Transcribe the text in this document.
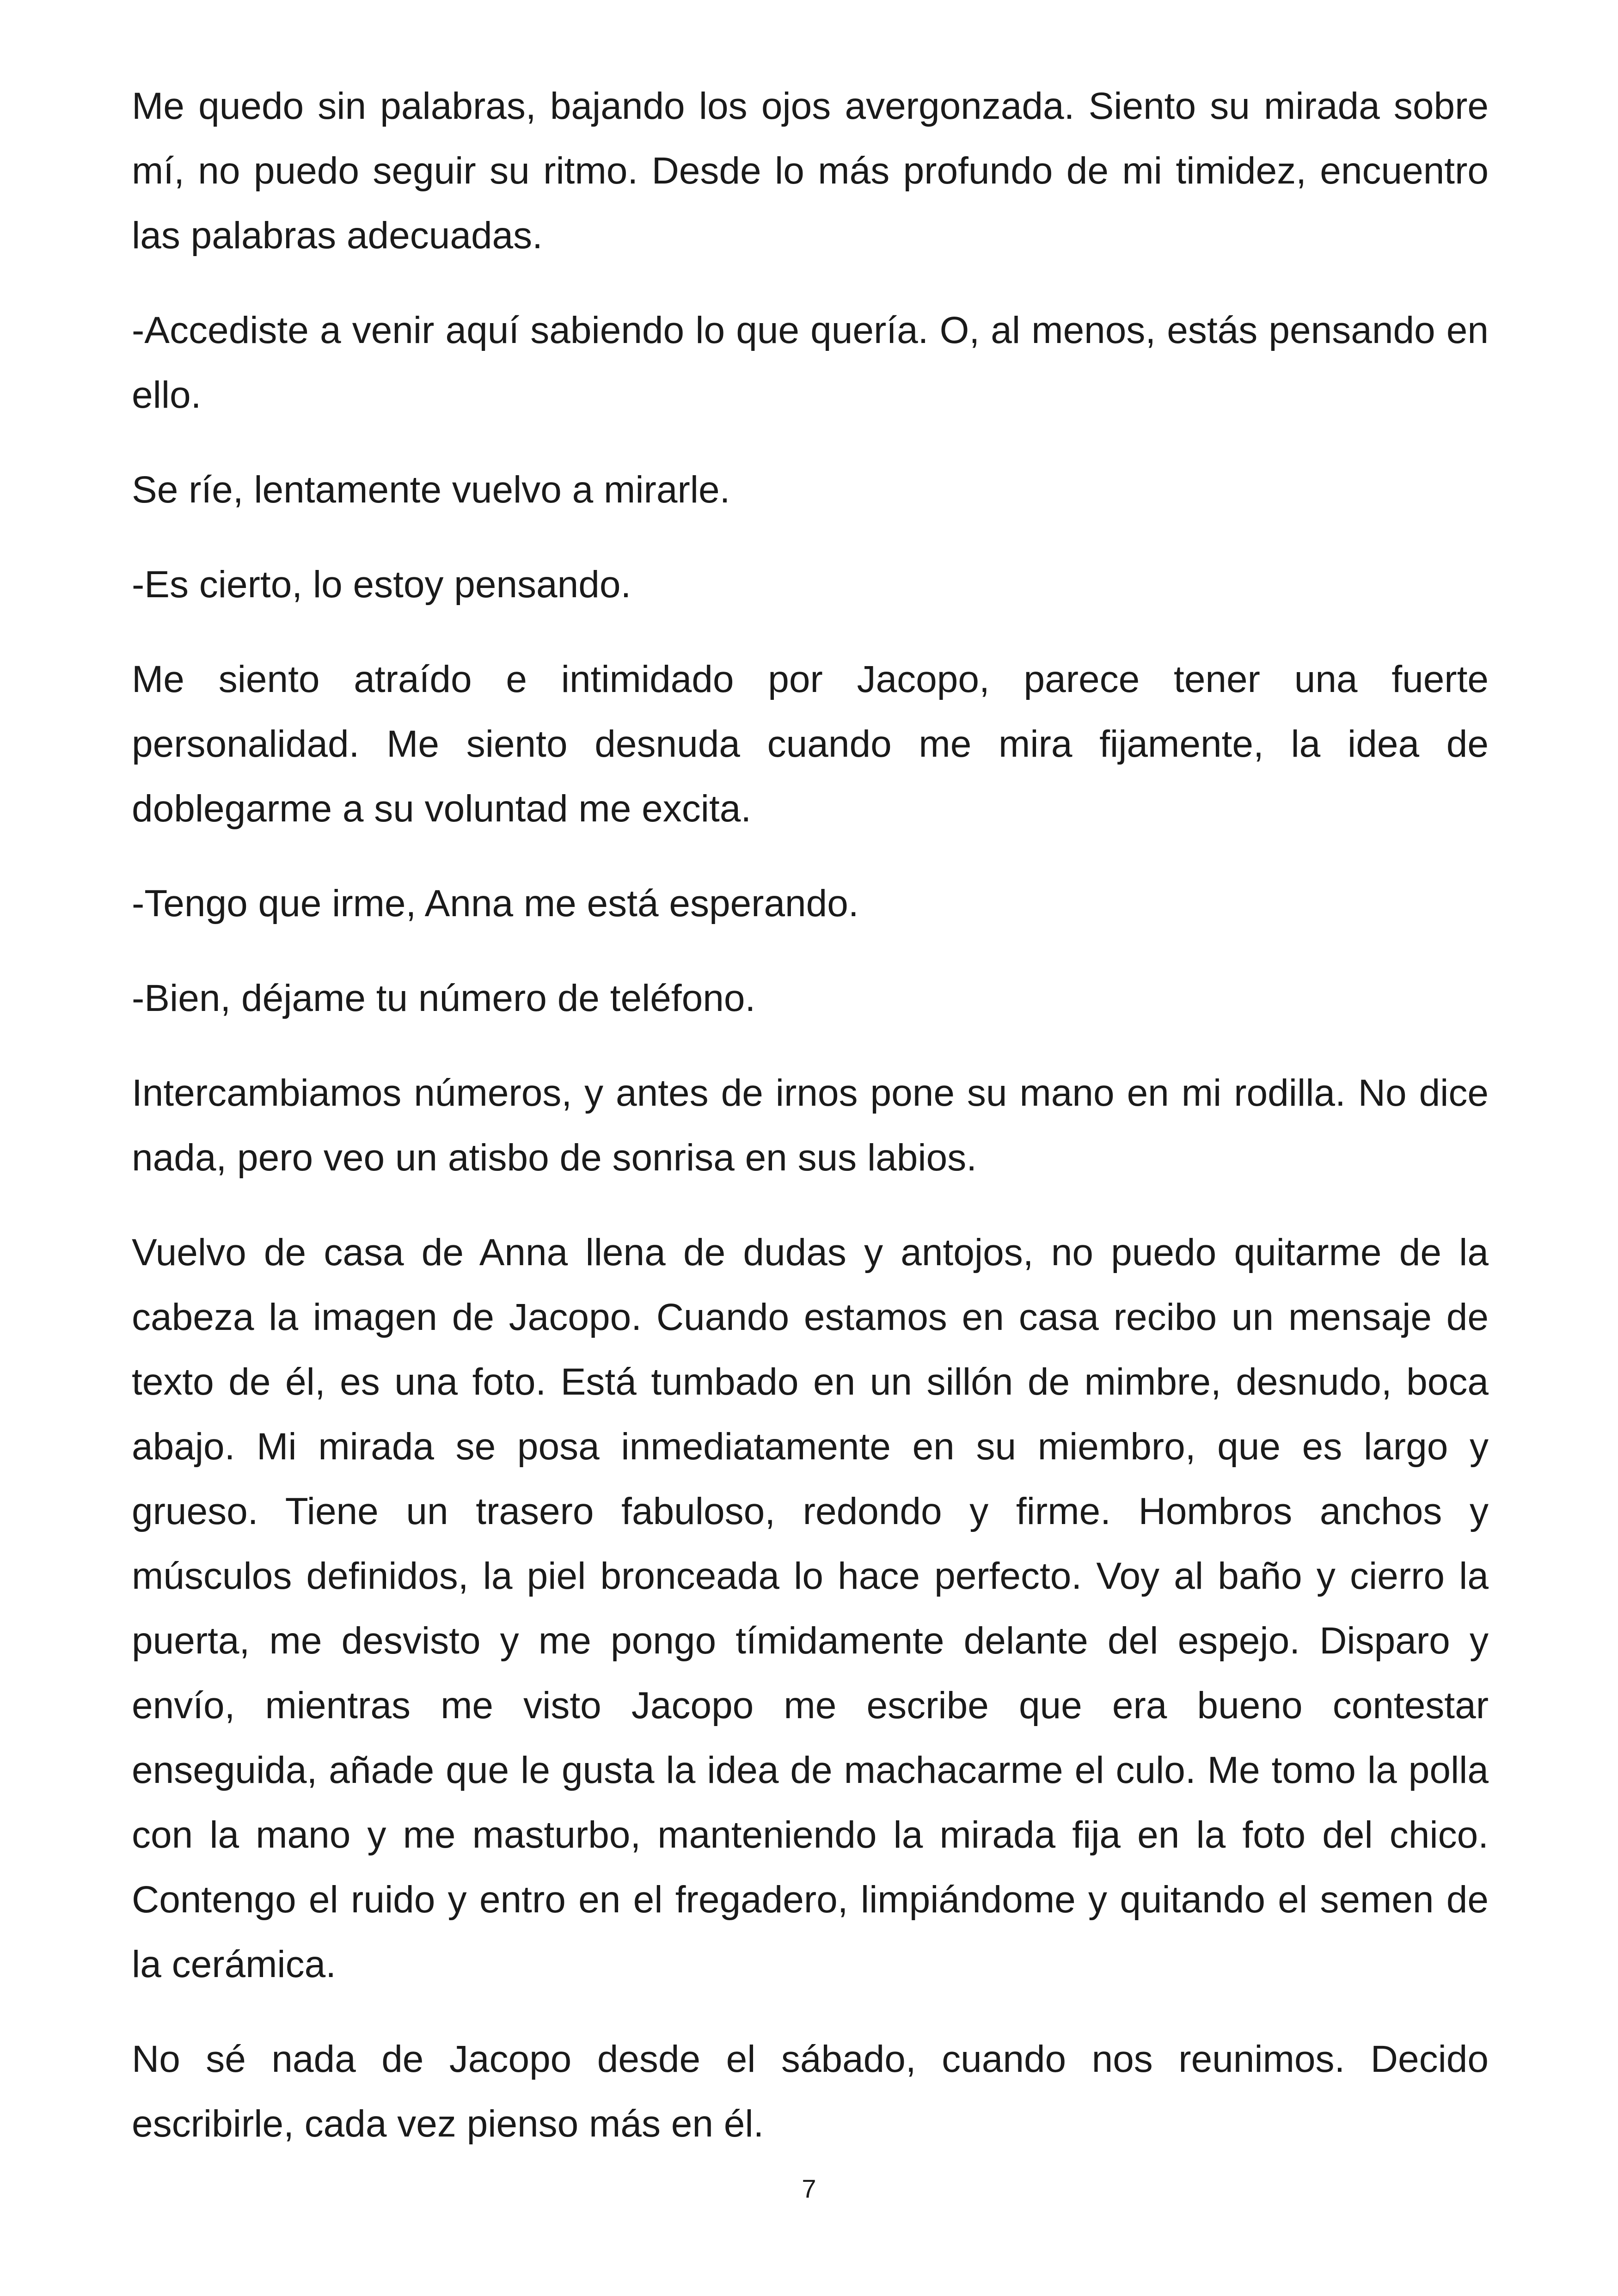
Me quedo sin palabras, bajando los ojos avergonzada. Siento su mirada sobre mí, no puedo seguir su ritmo. Desde lo más profundo de mi timidez, encuentro las palabras adecuadas.

-Accediste a venir aquí sabiendo lo que quería. O, al menos, estás pensando en ello.

Se ríe, lentamente vuelvo a mirarle.

-Es cierto, lo estoy pensando.

Me siento atraído e intimidado por Jacopo, parece tener una fuerte personalidad. Me siento desnuda cuando me mira fijamente, la idea de doblegarme a su voluntad me excita.

-Tengo que irme, Anna me está esperando.

-Bien, déjame tu número de teléfono.

Intercambiamos números, y antes de irnos pone su mano en mi rodilla. No dice nada, pero veo un atisbo de sonrisa en sus labios.

Vuelvo de casa de Anna llena de dudas y antojos, no puedo quitarme de la cabeza la imagen de Jacopo. Cuando estamos en casa recibo un mensaje de texto de él, es una foto. Está tumbado en un sillón de mimbre, desnudo, boca abajo. Mi mirada se posa inmediatamente en su miembro, que es largo y grueso. Tiene un trasero fabuloso, redondo y firme. Hombros anchos y músculos definidos, la piel bronceada lo hace perfecto. Voy al baño y cierro la puerta, me desvisto y me pongo tímidamente delante del espejo. Disparo y envío, mientras me visto Jacopo me escribe que era bueno contestar enseguida, añade que le gusta la idea de machacarme el culo. Me tomo la polla con la mano y me masturbo, manteniendo la mirada fija en la foto del chico. Contengo el ruido y entro en el fregadero, limpiándome y quitando el semen de la cerámica.

No sé nada de Jacopo desde el sábado, cuando nos reunimos. Decido escribirle, cada vez pienso más en él.

7
